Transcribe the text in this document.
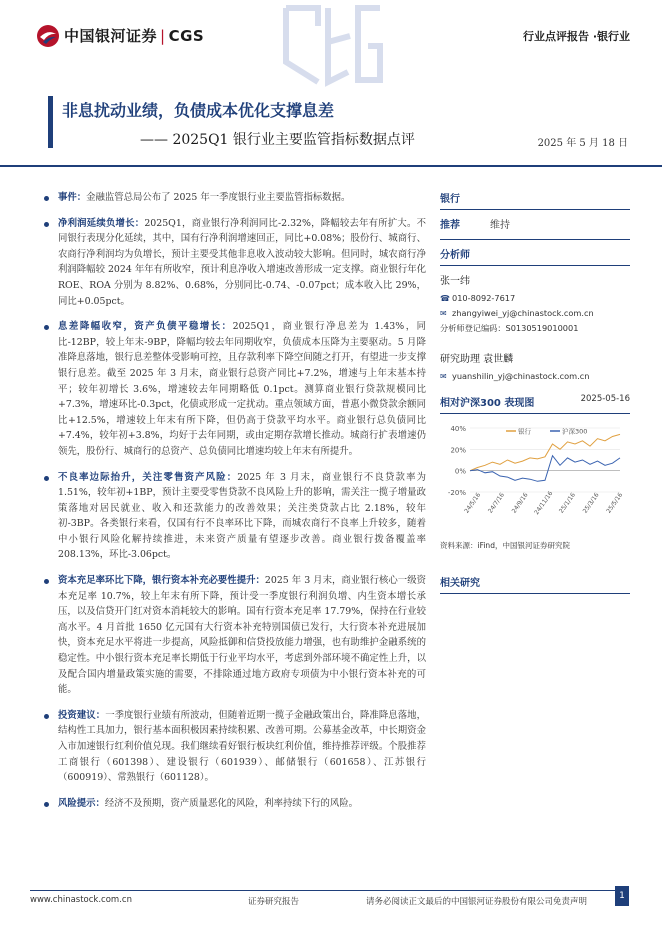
中国银河证券 | CGS	行业点评报告 ·银行业
非息扰动业绩，负债成本优化支撑息差
—— 2025Q1 银行业主要监管指标数据点评	2025 年 5 月 18 日
事件：金融监管总局公布了 2025 年一季度银行业主要监管指标数据。
净利润延续负增长：2025Q1，商业银行净利润同比-2.32%，降幅较去年有所扩大。不同银行表现分化延续，其中，国有行净利润增速回正，同比+0.08%；股份行、城商行、农商行净利润均为负增长，预计主要受其他非息收入波动较大影响。但同时，城农商行净利润降幅较 2024 年年有所收窄，预计利息净收入增速改善形成一定支撑。商业银行年化 ROE、ROA 分别为 8.82%、0.68%，分别同比-0.74、-0.07pct；成本收入比 29%，同比+0.05pct。
息差降幅收窄，资产负债平稳增长：2025Q1，商业银行净息差为 1.43%，同比-12BP，较上年末-9BP，降幅均较去年同期收窄，负债成本压降为主要驱动。5 月降准降息落地，银行息差整体受影响可控，且存款利率下降空间随之打开，有望进一步支撑银行息差。截至 2025 年 3 月末，商业银行总资产同比+7.2%，增速与上年末基本持平；较年初增长 3.6%，增速较去年同期略低 0.1pct。测算商业银行贷款规模同比+7.3%，增速环比-0.3pct，化债或形成一定扰动。重点领域方面，普惠小微贷款余额同比+12.5%，增速较上年末有所下降，但仍高于贷款平均水平。商业银行总负债同比+7.4%，较年初+3.8%，均好于去年同期，或由定期存款增长推动。城商行扩表增速仍领先，股份行、城商行的总资产、总负债同比增速均较上年末有所提升。
不良率边际抬升，关注零售资产风险：2025 年 3 月末，商业银行不良贷款率为 1.51%，较年初+1BP，预计主要受零售贷款不良风险上升的影响，需关注一揽子增量政策落地对居民就业、收入和还款能力的改善效果；关注类贷款占比 2.18%，较年初-3BP。各类银行来看，仅国有行不良率环比下降，而城农商行不良率上升较多，随着中小银行风险化解持续推进，未来资产质量有望逐步改善。商业银行拨备覆盖率 208.13%，环比-3.06pct。
资本充足率环比下降，银行资本补充必要性提升：2025 年 3 月末，商业银行核心一级资本充足率 10.7%，较上年末有所下降，预计受一季度银行利润负增、内生资本增长承压，以及信贷开门红对资本消耗较大的影响。国有行资本充足率 17.79%，保持在行业较高水平。4 月首批 1650 亿元国有大行资本补充特别国债已发行，大行资本补充进展加快，资本充足水平将进一步提高，风险抵御和信贷投放能力增强，也有助维护金融系统的稳定性。中小银行资本充足率长期低于行业平均水平，考虑到外部环境不确定性上升，以及配合国内增量政策实施的需要，不排除通过地方政府专项债为中小银行资本补充的可能。
投资建议：一季度银行业绩有所波动，但随着近期一揽子金融政策出台，降准降息落地，结构性工具加力，银行基本面积极因素持续积累、改善可期。公募基金改革，中长期资金入市加速银行红利价值兑现。我们继续看好银行板块红利价值，维持推荐评级。个股推荐工商银行（601398）、建设银行（601939）、邮储银行（601658）、江苏银行（600919）、常熟银行（601128）。
风险提示：经济不及预期，资产质量恶化的风险，利率持续下行的风险。
银行
推荐	维持
分析师
张一纬
☎ 010-8092-7617
✉ zhangyiwei_yj@chinastock.com.cn
分析师登记编码：S0130519010001
研究助理 袁世麟
✉ yuanshilin_yj@chinastock.com.cn
相对沪深300 表现图	2025-05-16
40%
20%
0%
-20%
银行	沪深300
24/5/16 24/7/16 24/9/16 24/11/16 25/1/16 25/3/16 25/5/16
资料来源：iFind，中国银河证券研究院
相关研究
www.chinastock.com.cn	证券研究报告	请务必阅读正文最后的中国银河证券股份有限公司免责声明
1
